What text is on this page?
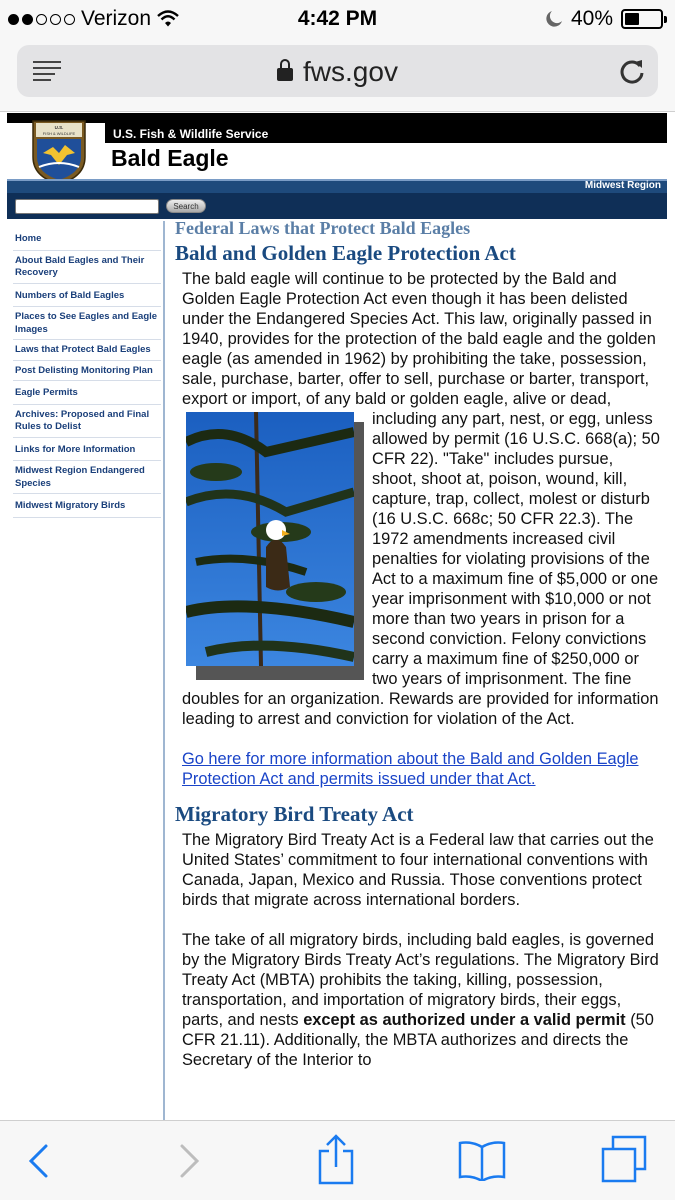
Verizon	4:42 PM	40%
fws.gov
U.S.
FISH & WILDLIFE	U.S. Fish & Wildlife Service
Bald Eagle
Midwest Region
Search
Home
About Bald Eagles and Their Recovery
Numbers of Bald Eagles
Places to See Eagles and Eagle Images
Laws that Protect Bald Eagles
Post Delisting Monitoring Plan
Eagle Permits
Archives: Proposed and Final Rules to Delist
Links for More Information
Midwest Region Endangered Species
Midwest Migratory Birds
Federal Laws that Protect Bald Eagles
Bald and Golden Eagle Protection Act
The bald eagle will continue to be protected by the Bald and Golden Eagle Protection Act even though it has been delisted under the Endangered Species Act. This law, originally passed in 1940, provides for the protection of the bald eagle and the golden eagle (as amended in 1962) by prohibiting the take, possession, sale, purchase, barter, offer to sell, purchase or barter, transport, export or import, of any bald or golden eagle, alive or dead, including any part, nest, or egg, unless
allowed by permit (16 U.S.C. 668(a); 50 CFR 22). "Take" includes pursue, shoot, shoot at, poison, wound, kill, capture, trap, collect, molest or disturb (16 U.S.C. 668c; 50 CFR 22.3). The 1972 amendments increased civil penalties for violating provisions of the Act to a maximum fine of $5,000 or one year imprisonment with $10,000 or not more than two years in prison for a second conviction. Felony convictions carry a maximum fine of $250,000 or two years of imprisonment. The fine doubles for an organization. Rewards are provided for information leading to arrest and conviction for violation of the Act.
Go here for more information about the Bald and Golden Eagle Protection Act and permits issued under that Act.
Migratory Bird Treaty Act
The Migratory Bird Treaty Act is a Federal law that carries out the United States’ commitment to four international conventions with Canada, Japan, Mexico and Russia. Those conventions protect birds that migrate across international borders.
The take of all migratory birds, including bald eagles, is governed by the Migratory Birds Treaty Act’s regulations. The Migratory Bird Treaty Act (MBTA) prohibits the taking, killing, possession, transportation, and importation of migratory birds, their eggs, parts, and nests except as authorized under a valid permit (50 CFR 21.11). Additionally, the MBTA authorizes and directs the Secretary of the Interior to
